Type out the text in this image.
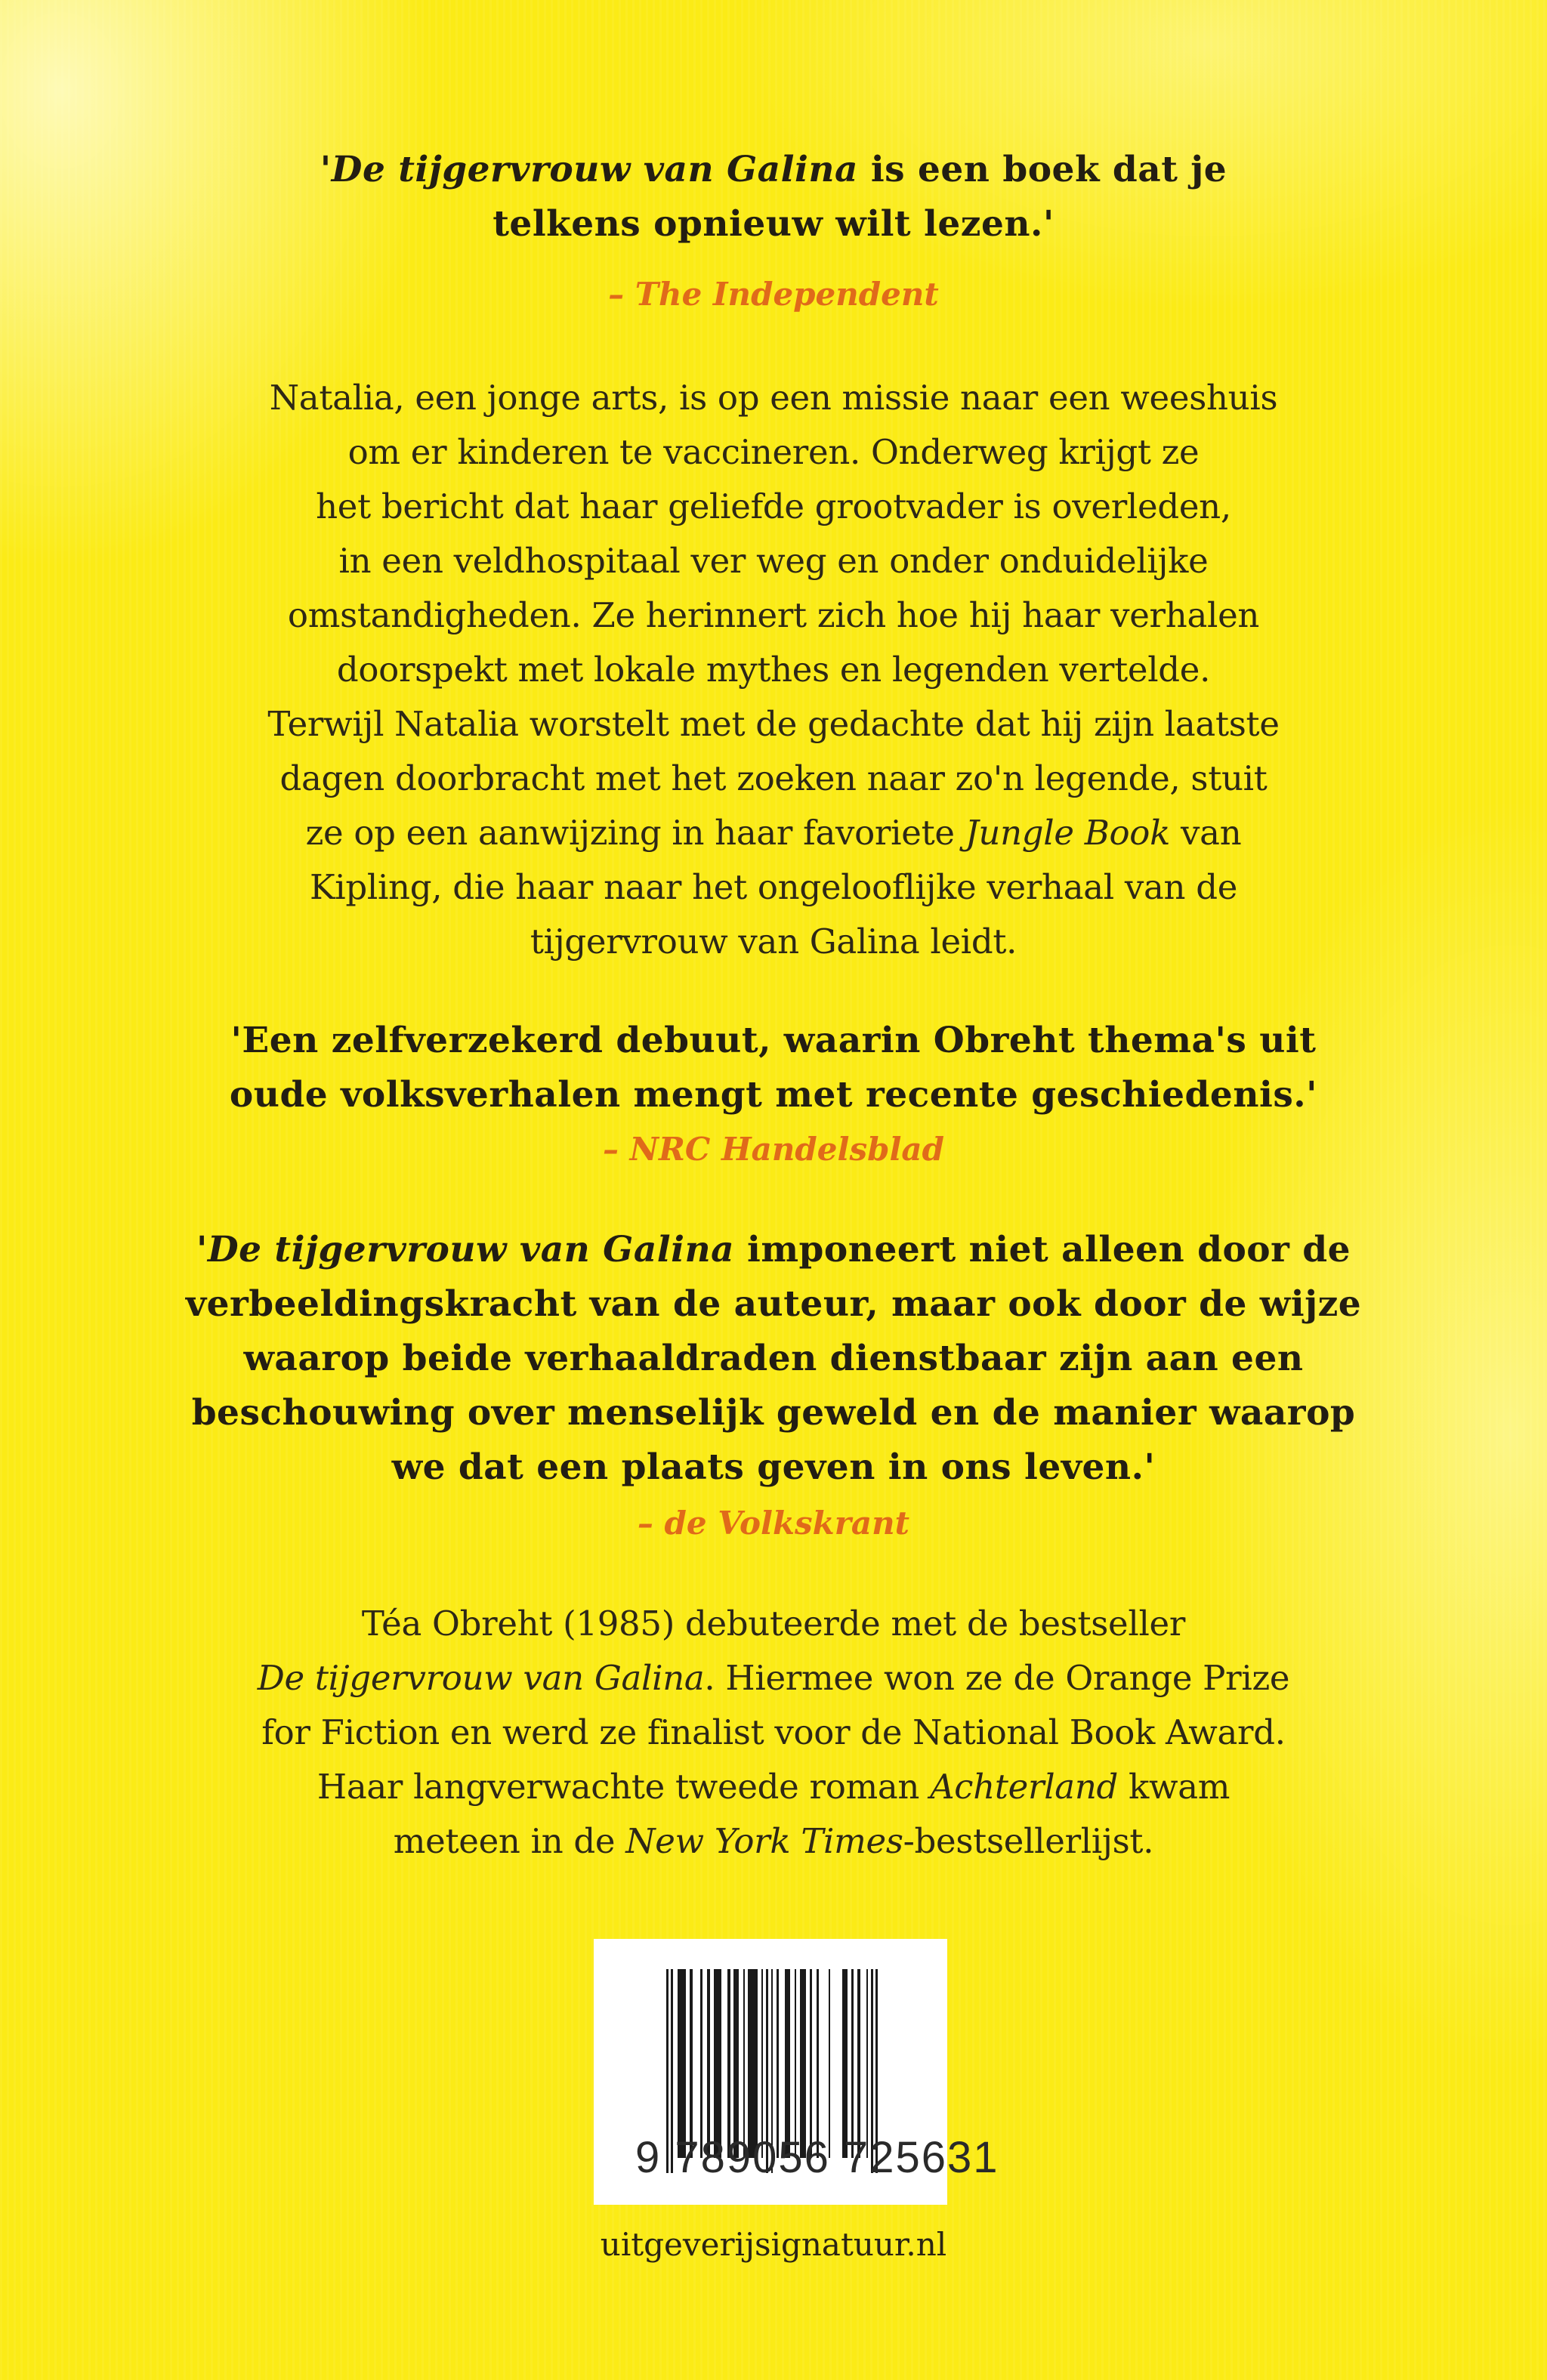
'De tijgervrouw van Galina is een boek dat je
telkens opnieuw wilt lezen.'
– The Independent
Natalia, een jonge arts, is op een missie naar een weeshuis
om er kinderen te vaccineren. Onderweg krijgt ze
het bericht dat haar geliefde grootvader is overleden,
in een veldhospitaal ver weg en onder onduidelijke
omstandigheden. Ze herinnert zich hoe hij haar verhalen
doorspekt met lokale mythes en legenden vertelde.
Terwijl Natalia worstelt met de gedachte dat hij zijn laatste
dagen doorbracht met het zoeken naar zo'n legende, stuit
ze op een aanwijzing in haar favoriete Jungle Book van
Kipling, die haar naar het ongelooflijke verhaal van de
tijgervrouw van Galina leidt.
'Een zelfverzekerd debuut, waarin Obreht thema's uit
oude volksverhalen mengt met recente geschiedenis.'
– NRC Handelsblad
'De tijgervrouw van Galina imponeert niet alleen door de
verbeeldingskracht van de auteur, maar ook door de wijze
waarop beide verhaaldraden dienstbaar zijn aan een
beschouwing over menselijk geweld en de manier waarop
we dat een plaats geven in ons leven.'
– de Volkskrant
Téa Obreht (1985) debuteerde met de bestseller
De tijgervrouw van Galina. Hiermee won ze de Orange Prize
for Fiction en werd ze finalist voor de National Book Award.
Haar langverwachte tweede roman Achterland kwam
meteen in de New York Times-bestsellerlijst.
9 789056 725631
uitgeverijsignatuur.nl
